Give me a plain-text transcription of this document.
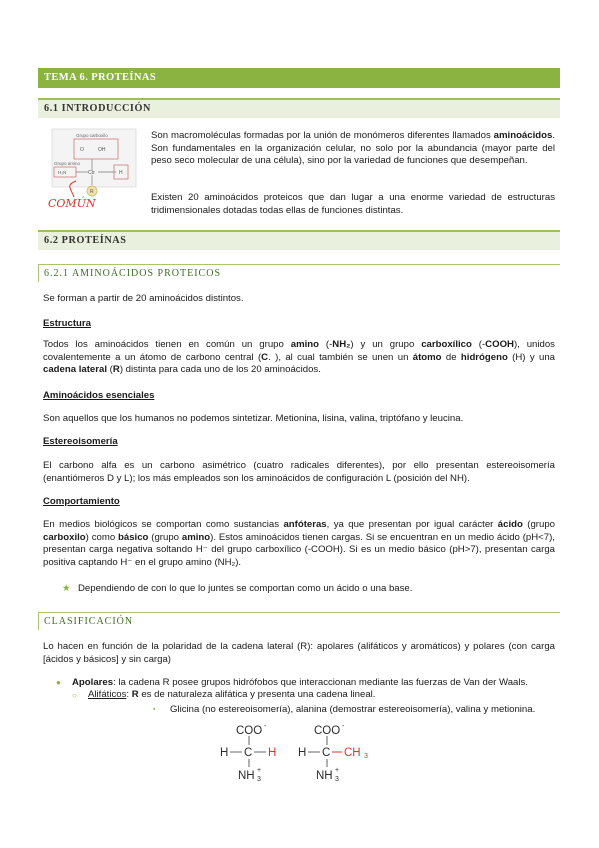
TEMA 6. PROTEÍNAS
6.1 INTRODUCCIÓN
Grupo carboxilo
O	OH
Grupo amino
H₂N	Cα	H
R
COMÚN
Son macromoléculas formadas por la unión de monómeros diferentes llamados aminoácidos. Son fundamentales en la organización celular, no solo por la abundancia (mayor parte del peso seco molecular de una célula), sino por la variedad de funciones que desempeñan.
Existen 20 aminoácidos proteicos que dan lugar a una enorme variedad de estructuras tridimensionales dotadas todas ellas de funciones distintas.
6.2 PROTEÍNAS
6.2.1 AMINOÁCIDOS PROTEICOS
Se forman a partir de 20 aminoácidos distintos.
Estructura
Todos los aminoácidos tienen en común un grupo amino (-NH₂) y un grupo carboxílico (-COOH), unidos covalentemente a un átomo de carbono central (C. ), al cual también se unen un átomo de hidrógeno (H) y una cadena lateral (R) distinta para cada uno de los 20 aminoácidos.
Aminoácidos esenciales
Son aquellos que los humanos no podemos sintetizar. Metionina, lisina, valina, triptófano y leucina.
Estereoisomería
El carbono alfa es un carbono asimétrico (cuatro radicales diferentes), por ello presentan estereoisomería (enantiómeros D y L); los más empleados son los aminoácidos de configuración L (posición del NH).
Comportamiento
En medios biológicos se comportan como sustancias anfóteras, ya que presentan por igual carácter ácido (grupo carboxilo) como básico (grupo amino). Estos aminoácidos tienen cargas. Si se encuentran en un medio ácido (pH<7), presentan carga negativa soltando H⁻ del grupo carboxílico (-COOH). Si es un medio básico (pH>7), presentan carga positiva captando H⁻ en el grupo amino (NH₂).
★ Dependiendo de con lo que lo juntes se comportan como un ácido o una base.
CLASIFICACIÓN
Lo hacen en función de la polaridad de la cadena lateral (R): apolares (alifáticos y aromáticos) y polares (con carga [ácidos y básicos] y sin carga)
● Apolares: la cadena R posee grupos hidrófobos que interaccionan mediante las fuerzas de Van der Waals.
○ Alifáticos: R es de naturaleza alifática y presenta una cadena lineal.
▪ Glicina (no estereoisomería), alanina (demostrar estereoisomería), valina y metionina.
COO -
H C H
NH 3
+
COO -
H C CH 3
NH 3
+
